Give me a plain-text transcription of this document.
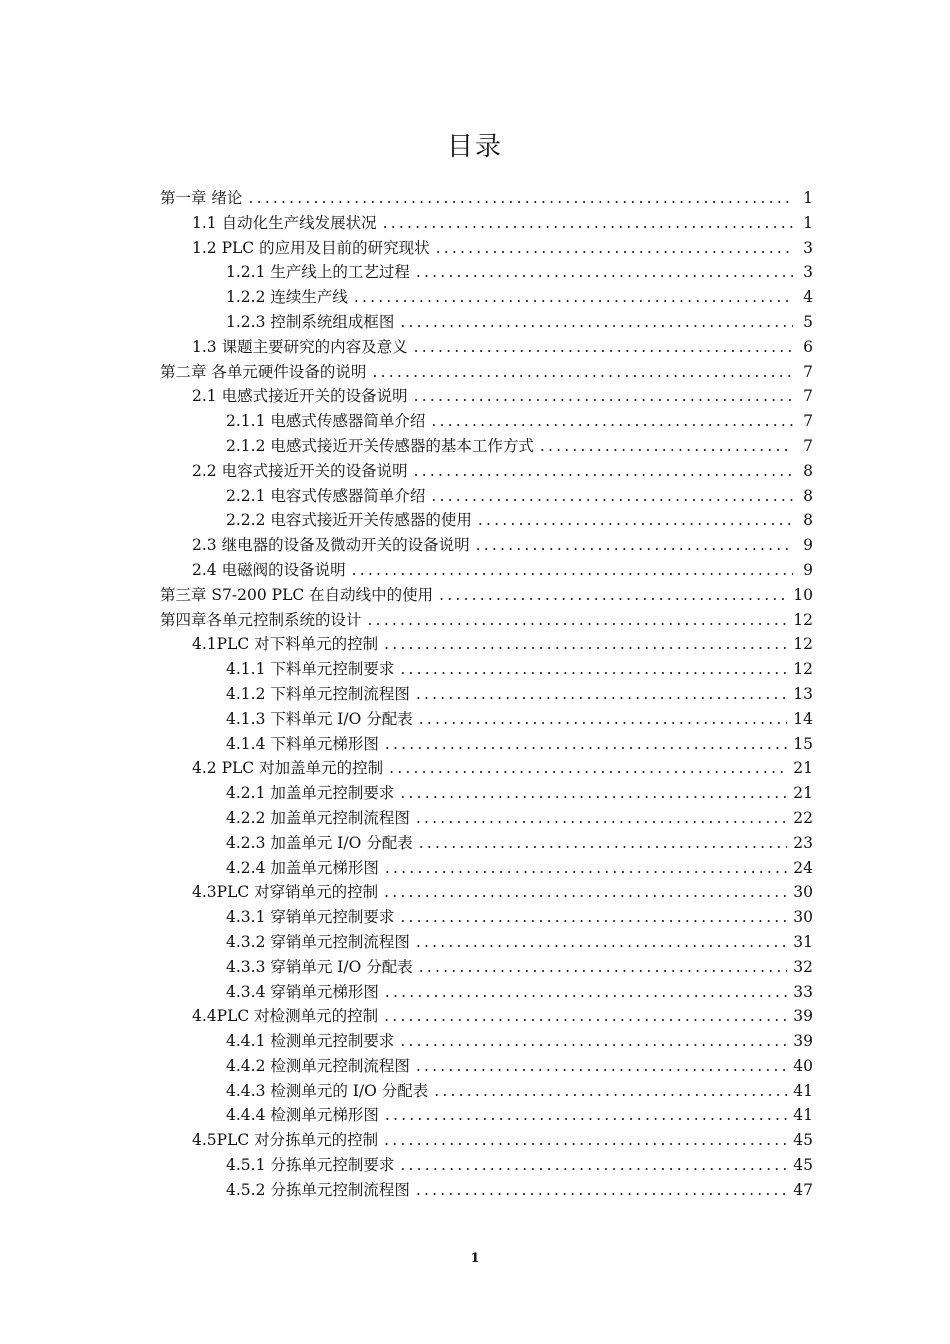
目录
第一章 绪论 .....	1
1.1 自动化生产线发展状况 .....	1
1.2 PLC 的应用及目前的研究现状 .....	3
1.2.1 生产线上的工艺过程 .....	3
1.2.2 连续生产线 .....	4
1.2.3 控制系统组成框图 .....	5
1.3 课题主要研究的内容及意义 .....	6
第二章 各单元硬件设备的说明 .....	7
2.1 电感式接近开关的设备说明 .....	7
2.1.1 电感式传感器简单介绍 .....	7
2.1.2 电感式接近开关传感器的基本工作方式 .....	7
2.2 电容式接近开关的设备说明 .....	8
2.2.1 电容式传感器简单介绍 .....	8
2.2.2 电容式接近开关传感器的使用 .....	8
2.3 继电器的设备及微动开关的设备说明 .....	9
2.4 电磁阀的设备说明 .....	9
第三章 S7-200 PLC 在自动线中的使用 .....	10
第四章各单元控制系统的设计 .....	12
4.1PLC 对下料单元的控制 .....	12
4.1.1 下料单元控制要求 .....	12
4.1.2 下料单元控制流程图 .....	13
4.1.3 下料单元 I/O 分配表 .....	14
4.1.4 下料单元梯形图 .....	15
4.2 PLC 对加盖单元的控制 .....	21
4.2.1 加盖单元控制要求 .....	21
4.2.2 加盖单元控制流程图 .....	22
4.2.3 加盖单元 I/O 分配表 .....	23
4.2.4 加盖单元梯形图 .....	24
4.3PLC 对穿销单元的控制 .....	30
4.3.1 穿销单元控制要求 .....	30
4.3.2 穿销单元控制流程图 .....	31
4.3.3 穿销单元 I/O 分配表 .....	32
4.3.4 穿销单元梯形图 .....	33
4.4PLC 对检测单元的控制 .....	39
4.4.1 检测单元控制要求 .....	39
4.4.2 检测单元控制流程图 .....	40
4.4.3 检测单元的 I/O 分配表 .....	41
4.4.4 检测单元梯形图 .....	41
4.5PLC 对分拣单元的控制 .....	45
4.5.1 分拣单元控制要求 .....	45
4.5.2 分拣单元控制流程图 .....	47
1
